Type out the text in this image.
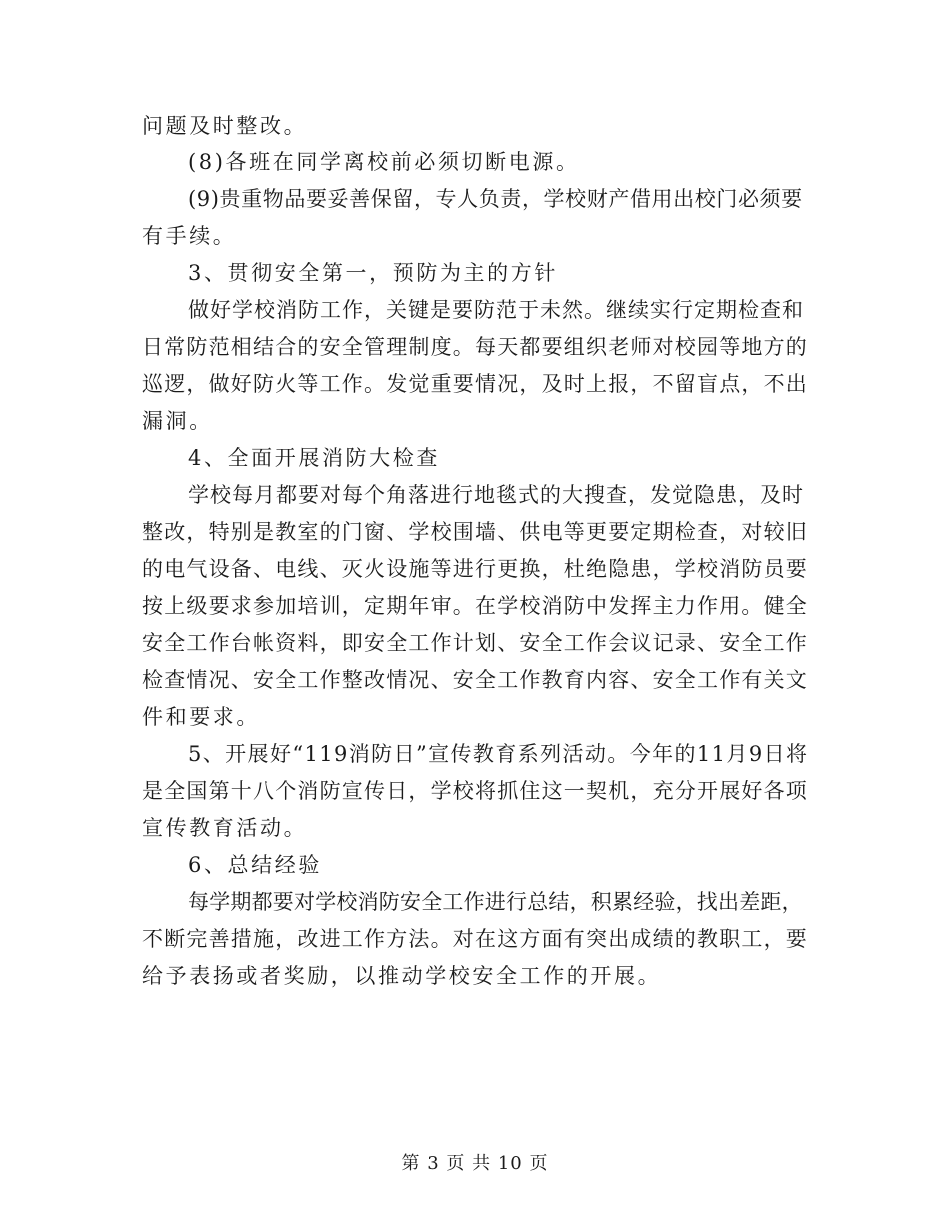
问题及时整改。
(8)各班在同学离校前必须切断电源。
(9)贵重物品要妥善保留，专人负责，学校财产借用出校门必须要
有手续。
3、贯彻安全第一，预防为主的方针
做好学校消防工作，关键是要防范于未然。继续实行定期检查和
日常防范相结合的安全管理制度。每天都要组织老师对校园等地方的
巡逻，做好防火等工作。发觉重要情况，及时上报，不留盲点，不出
漏洞。
4、全面开展消防大检查
学校每月都要对每个角落进行地毯式的大搜查，发觉隐患，及时
整改，特别是教室的门窗、学校围墙、供电等更要定期检查，对较旧
的电气设备、电线、灭火设施等进行更换，杜绝隐患，学校消防员要
按上级要求参加培训，定期年审。在学校消防中发挥主力作用。健全
安全工作台帐资料，即安全工作计划、安全工作会议记录、安全工作
检查情况、安全工作整改情况、安全工作教育内容、安全工作有关文
件和要求。
5、开展好“119消防日”宣传教育系列活动。今年的11月9日将
是全国第十八个消防宣传日，学校将抓住这一契机，充分开展好各项
宣传教育活动。
6、总结经验
每学期都要对学校消防安全工作进行总结，积累经验，找出差距，
不断完善措施，改进工作方法。对在这方面有突出成绩的教职工，要
给予表扬或者奖励，以推动学校安全工作的开展。
第 3 页 共 10 页
